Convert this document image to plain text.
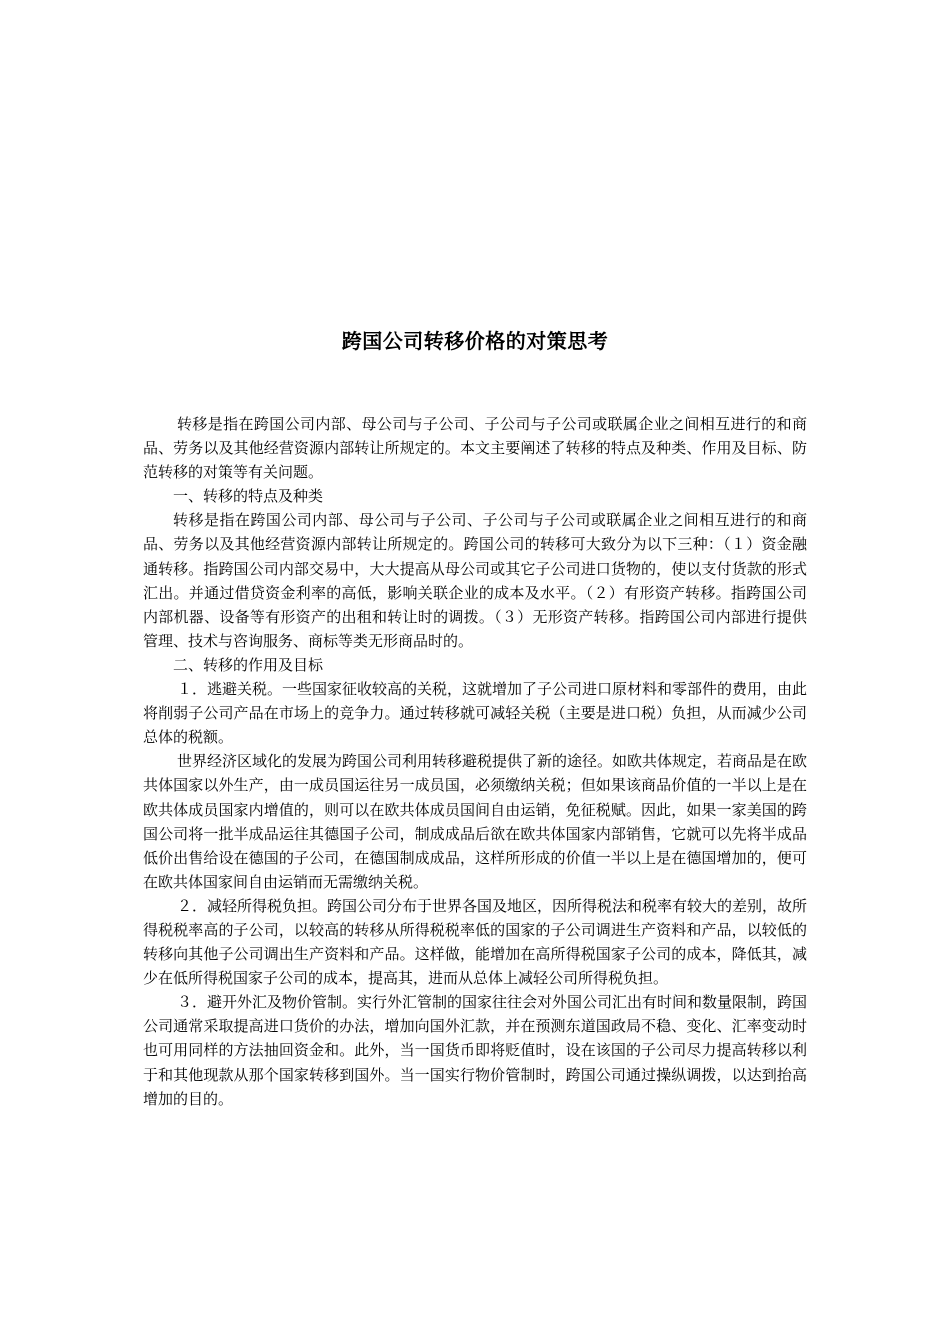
跨国公司转移价格的对策思考

转移是指在跨国公司内部、母公司与子公司、子公司与子公司或联属企业之间相互进行的和商品、劳务以及其他经营资源内部转让所规定的。本文主要阐述了转移的特点及种类、作用及目标、防范转移的对策等有关问题。

一、转移的特点及种类

转移是指在跨国公司内部、母公司与子公司、子公司与子公司或联属企业之间相互进行的和商品、劳务以及其他经营资源内部转让所规定的。跨国公司的转移可大致分为以下三种：（１）资金融通转移。指跨国公司内部交易中，大大提高从母公司或其它子公司进口货物的，使以支付货款的形式汇出。并通过借贷资金利率的高低，影响关联企业的成本及水平。（２）有形资产转移。指跨国公司内部机器、设备等有形资产的出租和转让时的调拨。（３）无形资产转移。指跨国公司内部进行提供管理、技术与咨询服务、商标等类无形商品时的。

二、转移的作用及目标

１．逃避关税。一些国家征收较高的关税，这就增加了子公司进口原材料和零部件的费用，由此将削弱子公司产品在市场上的竞争力。通过转移就可减轻关税（主要是进口税）负担，从而减少公司总体的税额。

世界经济区域化的发展为跨国公司利用转移避税提供了新的途径。如欧共体规定，若商品是在欧共体国家以外生产，由一成员国运往另一成员国，必须缴纳关税；但如果该商品价值的一半以上是在欧共体成员国家内增值的，则可以在欧共体成员国间自由运销，免征税赋。因此，如果一家美国的跨国公司将一批半成品运往其德国子公司，制成成品后欲在欧共体国家内部销售，它就可以先将半成品低价出售给设在德国的子公司，在德国制成成品，这样所形成的价值一半以上是在德国增加的，便可在欧共体国家间自由运销而无需缴纳关税。

２．减轻所得税负担。跨国公司分布于世界各国及地区，因所得税法和税率有较大的差别，故所得税税率高的子公司，以较高的转移从所得税税率低的国家的子公司调进生产资料和产品，以较低的转移向其他子公司调出生产资料和产品。这样做，能增加在高所得税国家子公司的成本，降低其，减少在低所得税国家子公司的成本，提高其，进而从总体上减轻公司所得税负担。

３．避开外汇及物价管制。实行外汇管制的国家往往会对外国公司汇出有时间和数量限制，跨国公司通常采取提高进口货价的办法，增加向国外汇款，并在预测东道国政局不稳、变化、汇率变动时也可用同样的方法抽回资金和。此外，当一国货币即将贬值时，设在该国的子公司尽力提高转移以利于和其他现款从那个国家转移到国外。当一国实行物价管制时，跨国公司通过操纵调拨，以达到抬高增加的目的。
